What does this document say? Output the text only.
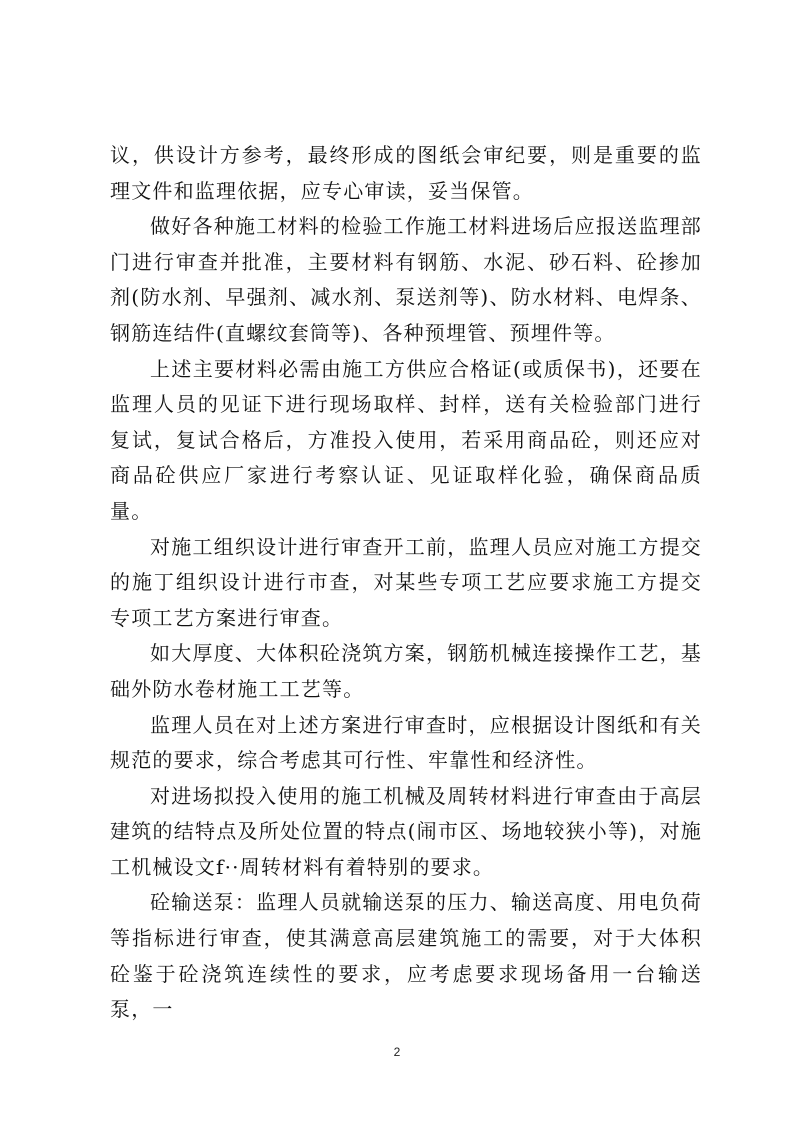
议，供设计方参考，最终形成的图纸会审纪要，则是重要的监理文件和监理依据，应专心审读，妥当保管。

做好各种施工材料的检验工作施工材料进场后应报送监理部门进行审查并批准，主要材料有钢筋、水泥、砂石料、砼掺加剂(防水剂、早强剂、减水剂、泵送剂等)、防水材料、电焊条、钢筋连结件(直螺纹套筒等)、各种预埋管、预埋件等。

上述主要材料必需由施工方供应合格证(或质保书)，还要在监理人员的见证下进行现场取样、封样，送有关检验部门进行复试，复试合格后，方准投入使用，若采用商品砼，则还应对商品砼供应厂家进行考察认证、见证取样化验，确保商品质量。

对施工组织设计进行审查开工前，监理人员应对施工方提交的施丁组织设计进行市查，对某些专项工艺应要求施工方提交专项工艺方案进行审查。

如大厚度、大体积砼浇筑方案，钢筋机械连接操作工艺，基础外防水卷材施工工艺等。

监理人员在对上述方案进行审查时，应根据设计图纸和有关规范的要求，综合考虑其可行性、牢靠性和经济性。

对进场拟投入使用的施工机械及周转材料进行审查由于高层建筑的结特点及所处位置的特点(闹市区、场地较狭小等)，对施工机械设文f··周转材料有着特别的要求。

砼输送泵：监理人员就输送泵的压力、输送高度、用电负荷等指标进行审查，使其满意高层建筑施工的需要，对于大体积砼鉴于砼浇筑连续性的要求，应考虑要求现场备用一台输送泵，一

2
